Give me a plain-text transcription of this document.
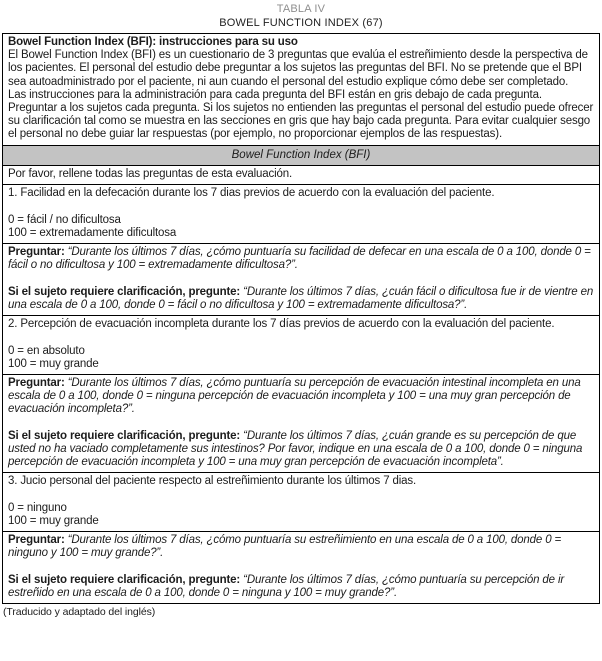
TABLA IV
BOWEL FUNCTION INDEX (67)

Bowel Function Index (BFI): instrucciones para su uso

El Bowel Function Index (BFI) es un cuestionario de 3 preguntas que evalúa el estreñimiento desde la perspectiva de los pacientes. El personal del estudio debe preguntar a los sujetos las preguntas del BFI. No se pretende que el BPI sea autoadministrado por el paciente, ni aun cuando el personal del estudio explique cómo debe ser completado.

Las instrucciones para la administración para cada pregunta del BFI están en gris debajo de cada pregunta. Preguntar a los sujetos cada pregunta. Si los sujetos no entienden las preguntas el personal del estudio puede ofrecer su clarificación tal como se muestra en las secciones en gris que hay bajo cada pregunta. Para evitar cualquier sesgo el personal no debe guiar lar respuestas (por ejemplo, no proporcionar ejemplos de las respuestas).

Bowel Function Index (BFI)

Por favor, rellene todas las preguntas de esta evaluación.

1. Facilidad en la defecación durante los 7 dias previos de acuerdo con la evaluación del paciente.

0 = fácil / no dificultosa

100 = extremadamente dificultosa

Preguntar: “Durante los últimos 7 días, ¿cómo puntuaría su facilidad de defecar en una escala de 0 a 100, donde 0 = fácil o no dificultosa y 100 = extremadamente dificultosa?”.

Si el sujeto requiere clarificación, pregunte: “Durante los últimos 7 días, ¿cuán fácil o dificultosa fue ir de vientre en una escala de 0 a 100, donde 0 = fácil o no dificultosa y 100 = extremadamente dificultosa?”.

2. Percepción de evacuación incompleta durante los 7 días previos de acuerdo con la evaluación del paciente.

0 = en absoluto

100 = muy grande

Preguntar: “Durante los últimos 7 días, ¿cómo puntuaría su percepción de evacuación intestinal incompleta en una escala de 0 a 100, donde 0 = ninguna percepción de evacuación incompleta y 100 = una muy gran percepción de evacuación incompleta?”.

Si el sujeto requiere clarificación, pregunte: “Durante los últimos 7 días, ¿cuán grande es su percepción de que usted no ha vaciado completamente sus intestinos? Por favor, indique en una escala de 0 a 100, donde 0 = ninguna percepción de evacuación incompleta y 100 = una muy gran percepción de evacuación incompleta”.

3. Jucio personal del paciente respecto al estreñimiento durante los últimos 7 dias.

0 = ninguno

100 = muy grande

Preguntar: “Durante los últimos 7 días, ¿cómo puntuaría su estreñimiento en una escala de 0 a 100, donde 0 = ninguno y 100 = muy grande?”.

Si el sujeto requiere clarificación, pregunte: “Durante los últimos 7 días, ¿cómo puntuaría su percepción de ir estreñido en una escala de 0 a 100, donde 0 = ninguna y 100 = muy grande?”.

(Traducido y adaptado del inglés)
